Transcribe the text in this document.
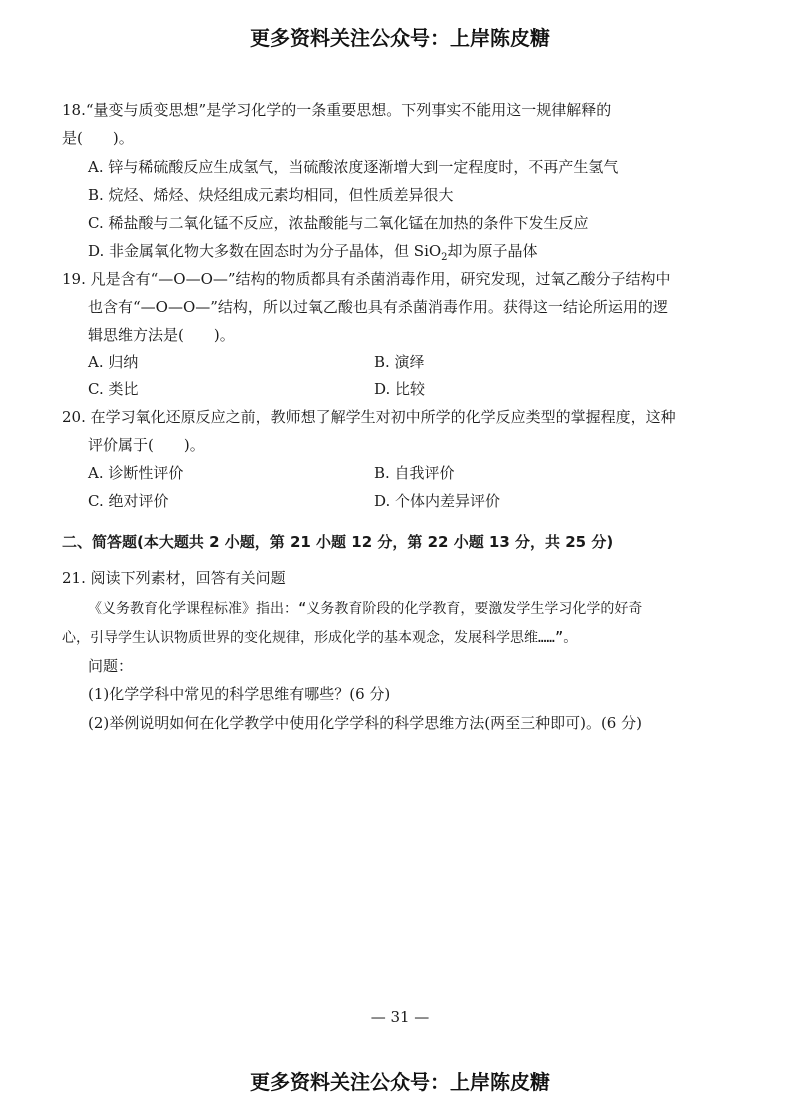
更多资料关注公众号：上岸陈皮糖
18.“量变与质变思想”是学习化学的一条重要思想。下列事实不能用这一规律解释的
是(　　)。
A. 锌与稀硫酸反应生成氢气，当硫酸浓度逐渐增大到一定程度时，不再产生氢气
B. 烷烃、烯烃、炔烃组成元素均相同，但性质差异很大
C. 稀盐酸与二氧化锰不反应，浓盐酸能与二氧化锰在加热的条件下发生反应
D. 非金属氧化物大多数在固态时为分子晶体，但 SiO$_2$却为原子晶体
19. 凡是含有“—O—O—”结构的物质都具有杀菌消毒作用，研究发现，过氧乙酸分子结构中
也含有“—O—O—”结构，所以过氧乙酸也具有杀菌消毒作用。获得这一结论所运用的逻
辑思维方法是(　　)。
A. 归纳	B. 演绎
C. 类比	D. 比较
20. 在学习氧化还原反应之前，教师想了解学生对初中所学的化学反应类型的掌握程度，这种
评价属于(　　)。
A. 诊断性评价	B. 自我评价
C. 绝对评价	D. 个体内差异评价
二、简答题(本大题共 2 小题，第 21 小题 12 分，第 22 小题 13 分，共 25 分)
21. 阅读下列素材，回答有关问题
《义务教育化学课程标准》指出：“义务教育阶段的化学教育，要激发学生学习化学的好奇
心，引导学生认识物质世界的变化规律，形成化学的基本观念，发展科学思维……”。
问题：
(1)化学学科中常见的科学思维有哪些？(6 分)
(2)举例说明如何在化学教学中使用化学学科的科学思维方法(两至三种即可)。(6 分)
— 31 —
更多资料关注公众号：上岸陈皮糖
